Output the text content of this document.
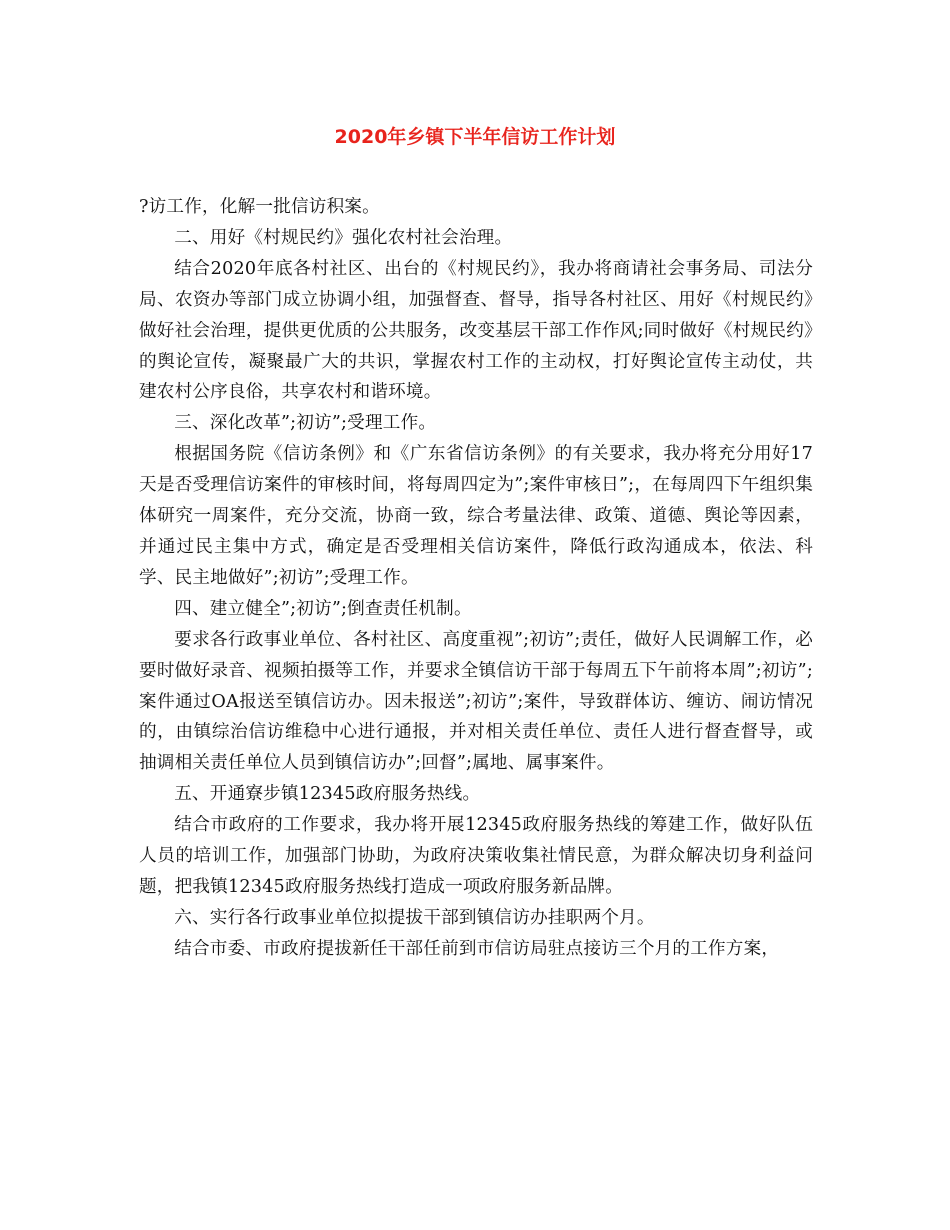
2020年乡镇下半年信访工作计划

?访工作，化解一批信访积案。

二、用好《村规民约》强化农村社会治理。

结合2020年底各村社区、出台的《村规民约》，我办将商请社会事务局、司法分局、农资办等部门成立协调小组，加强督查、督导，指导各村社区、用好《村规民约》做好社会治理，提供更优质的公共服务，改变基层干部工作作风;同时做好《村规民约》的舆论宣传，凝聚最广大的共识，掌握农村工作的主动权，打好舆论宣传主动仗，共建农村公序良俗，共享农村和谐环境。

三、深化改革”;初访”;受理工作。

根据国务院《信访条例》和《广东省信访条例》的有关要求，我办将充分用好17天是否受理信访案件的审核时间，将每周四定为”;案件审核日”;，在每周四下午组织集体研究一周案件，充分交流，协商一致，综合考量法律、政策、道德、舆论等因素，并通过民主集中方式，确定是否受理相关信访案件，降低行政沟通成本，依法、科学、民主地做好”;初访”;受理工作。

四、建立健全”;初访”;倒查责任机制。

要求各行政事业单位、各村社区、高度重视”;初访”;责任，做好人民调解工作，必要时做好录音、视频拍摄等工作，并要求全镇信访干部于每周五下午前将本周”;初访”;案件通过OA报送至镇信访办。因未报送”;初访”;案件，导致群体访、缠访、闹访情况的，由镇综治信访维稳中心进行通报，并对相关责任单位、责任人进行督查督导，或抽调相关责任单位人员到镇信访办”;回督”;属地、属事案件。

五、开通寮步镇12345政府服务热线。

结合市政府的工作要求，我办将开展12345政府服务热线的筹建工作，做好队伍人员的培训工作，加强部门协助，为政府决策收集社情民意，为群众解决切身利益问题，把我镇12345政府服务热线打造成一项政府服务新品牌。

六、实行各行政事业单位拟提拔干部到镇信访办挂职两个月。

结合市委、市政府提拔新任干部任前到市信访局驻点接访三个月的工作方案，
